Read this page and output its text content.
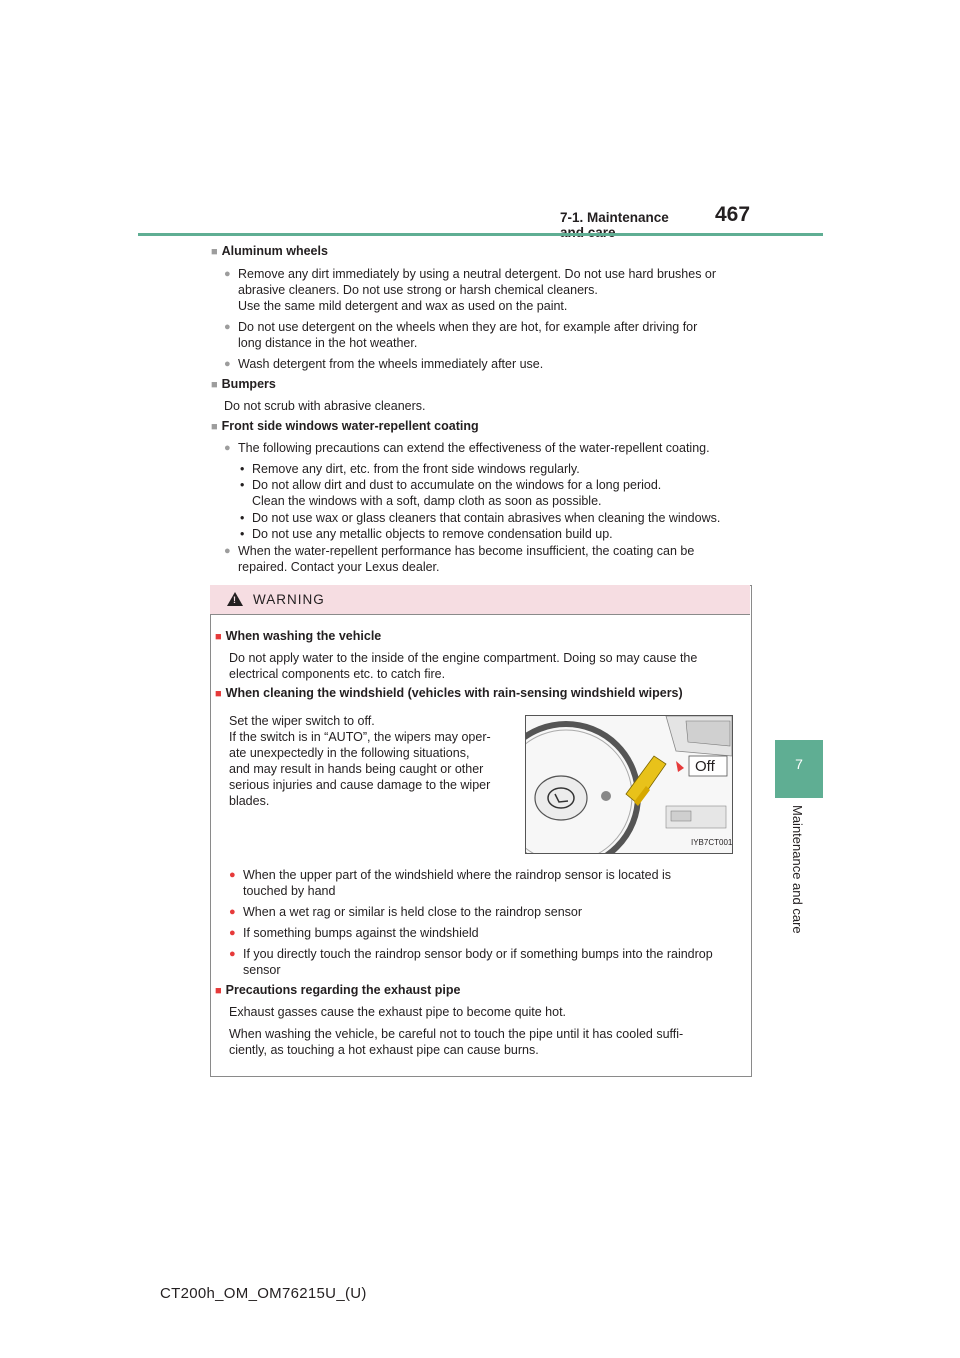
7-1. Maintenance	467
7
Maintenance and care
■ Aluminum wheels
● Remove any dirt immediately by using a neutral detergent. Do not use hard brushes or
abrasive cleaners. Do not use strong or harsh chemical cleaners.
Use the same mild detergent and wax as used on the paint.
● Do not use detergent on the wheels when they are hot, for example after driving for
long distance in the hot weather.
● Wash detergent from the wheels immediately after use.
■ Bumpers
Do not scrub with abrasive cleaners.
■ Front side windows water-repellent coating
● The following precautions can extend the effectiveness of the water-repellent coating.
• Remove any dirt, etc. from the front side windows regularly.
• Do not allow dirt and dust to accumulate on the windows for a long period.
Clean the windows with a soft, damp cloth as soon as possible.
• Do not use wax or glass cleaners that contain abrasives when cleaning the windows.
• Do not use any metallic objects to remove condensation build up.
● When the water-repellent performance has become insufficient, the coating can be
repaired. Contact your Lexus dealer.
! WARNING
■ When washing the vehicle
Do not apply water to the inside of the engine compartment. Doing so may cause the
electrical components etc. to catch fire.
■ When cleaning the windshield (vehicles with rain-sensing windshield wipers)
Set the wiper switch to off.
If the switch is in “AUTO”, the wipers may oper-
ate unexpectedly in the following situations,
and may result in hands being caught or other
serious injuries and cause damage to the wiper
blades.
Off
IYB7CT001
● When the upper part of the windshield where the raindrop sensor is located is
touched by hand
● When a wet rag or similar is held close to the raindrop sensor
● If something bumps against the windshield
● If you directly touch the raindrop sensor body or if something bumps into the raindrop
sensor
■ Precautions regarding the exhaust pipe
Exhaust gasses cause the exhaust pipe to become quite hot.
When washing the vehicle, be careful not to touch the pipe until it has cooled suffi-
ciently, as touching a hot exhaust pipe can cause burns.
CT200h_OM_OM76215U_(U)
